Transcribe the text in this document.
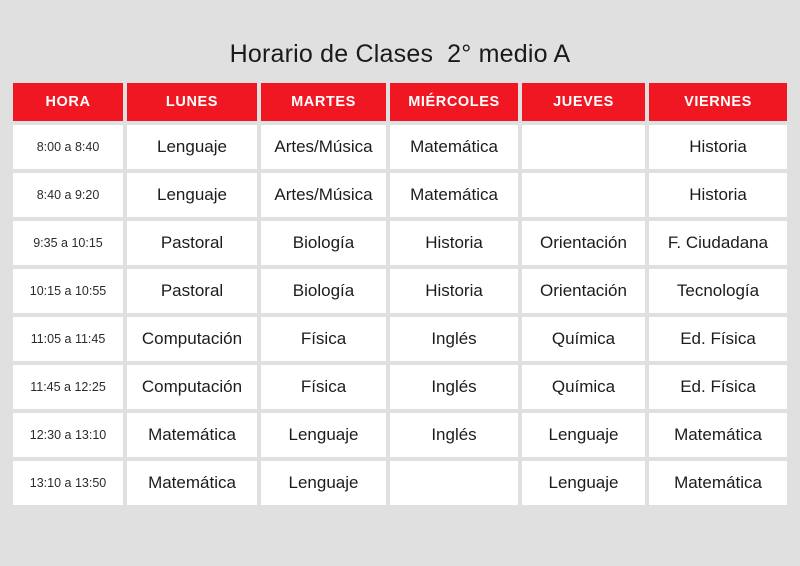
Horario de Clases 2° medio A
HORA	LUNES	MARTES	MIÉRCOLES	JUEVES	VIERNES
8:00 a 8:40	Lenguaje	Artes/Música	Matemática		Historia
8:40 a 9:20	Lenguaje	Artes/Música	Matemática		Historia
9:35 a 10:15	Pastoral	Biología	Historia	Orientación	F. Ciudadana
10:15 a 10:55	Pastoral	Biología	Historia	Orientación	Tecnología
11:05 a 11:45	Computación	Física	Inglés	Química	Ed. Física
11:45 a 12:25	Computación	Física	Inglés	Química	Ed. Física
12:30 a 13:10	Matemática	Lenguaje	Inglés	Lenguaje	Matemática
13:10 a 13:50	Matemática	Lenguaje		Lenguaje	Matemática
